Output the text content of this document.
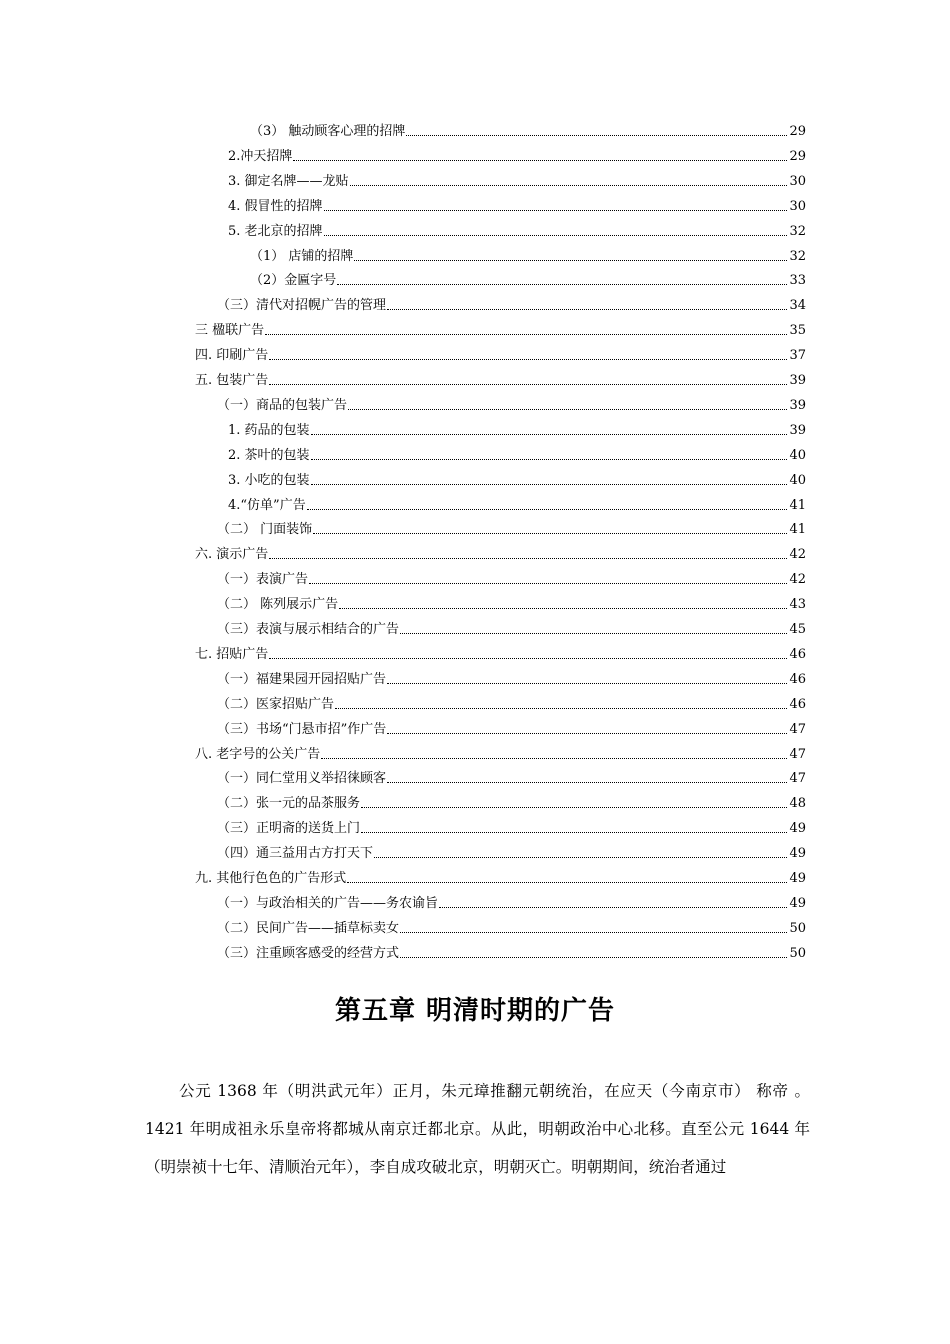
（3） 触动顾客心理的招牌	29
2.冲天招牌	29
3. 御定名牌——龙贴	30
4. 假冒性的招牌	30
5. 老北京的招牌	32
（1） 店铺的招牌	32
（2）金匾字号	33
（三）清代对招幌广告的管理	34
三 楹联广告	35
四. 印刷广告	37
五. 包装广告	39
（一）商品的包装广告	39
1. 药品的包装	39
2. 茶叶的包装	40
3. 小吃的包装	40
4.“仿单”广告	41
（二） 门面装饰	41
六. 演示广告	42
（一）表演广告	42
（二） 陈列展示广告	43
（三）表演与展示相结合的广告	45
七. 招贴广告	46
（一）福建果园开园招贴广告	46
（二）医家招贴广告	46
（三）书场“门悬市招”作广告	47
八. 老字号的公关广告	47
（一）同仁堂用义举招徕顾客	47
（二）张一元的品茶服务	48
（三）正明斋的送货上门	49
（四）通三益用古方打天下	49
九. 其他行色色的广告形式	49
（一）与政治相关的广告——务农谕旨	49
（二）民间广告——插草标卖女	50
（三）注重顾客感受的经营方式	50
第五章 明清时期的广告

公元 1368 年（明洪武元年）正月，朱元璋推翻元朝统治，在应天（今南京市） 称帝 。1421 年明成祖永乐皇帝将都城从南京迁都北京。从此，明朝政治中心北移。直至公元 1644 年（明崇祯十七年、清顺治元年），李自成攻破北京，明朝灭亡。明朝期间，统治者通过
